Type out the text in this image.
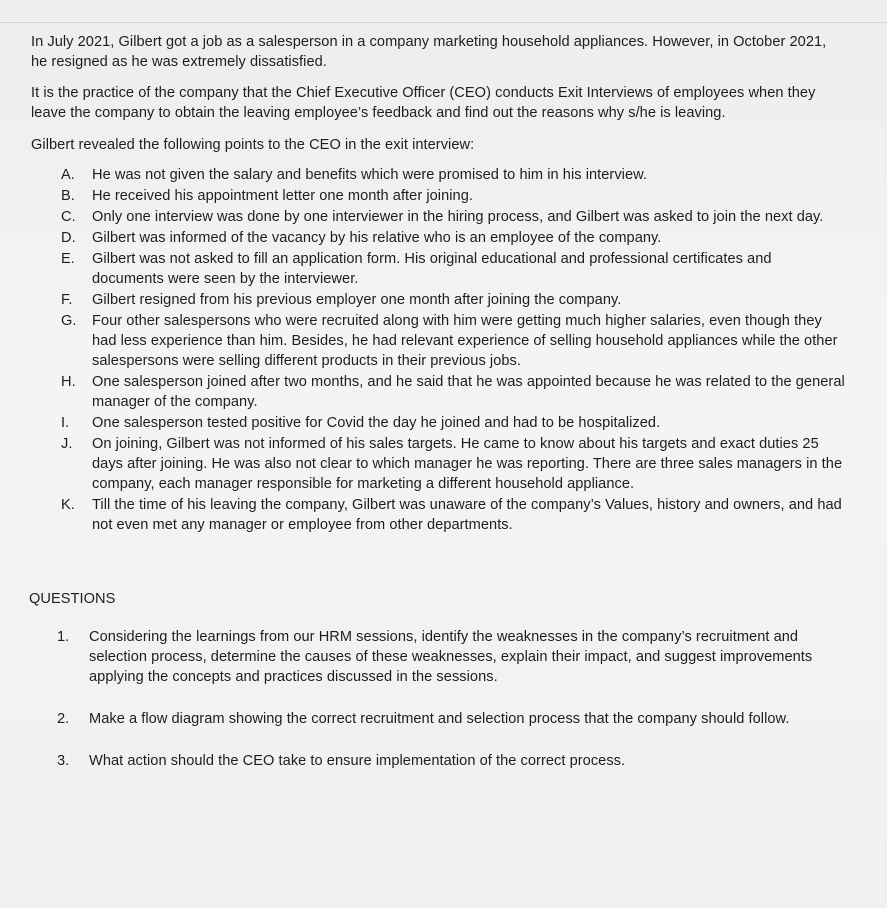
In July 2021, Gilbert got a job as a salesperson in a company marketing household appliances. However, in October 2021, he resigned as he was extremely dissatisfied.

It is the practice of the company that the Chief Executive Officer (CEO) conducts Exit Interviews of employees when they leave the company to obtain the leaving employee’s feedback and find out the reasons why s/he is leaving.

Gilbert revealed the following points to the CEO in the exit interview:

A.	He was not given the salary and benefits which were promised to him in his interview.
B.	He received his appointment letter one month after joining.
C.	Only one interview was done by one interviewer in the hiring process, and Gilbert was asked to join the next day.
D.	Gilbert was informed of the vacancy by his relative who is an employee of the company.
E.	Gilbert was not asked to fill an application form. His original educational and professional certificates and documents were seen by the interviewer.
F.	Gilbert resigned from his previous employer one month after joining the company.
G.	Four other salespersons who were recruited along with him were getting much higher salaries, even though they had less experience than him. Besides, he had relevant experience of selling household appliances while the other salespersons were selling different products in their previous jobs.
H.	One salesperson joined after two months, and he said that he was appointed because he was related to the general manager of the company.
I.	One salesperson tested positive for Covid the day he joined and had to be hospitalized.
J.	On joining, Gilbert was not informed of his sales targets. He came to know about his targets and exact duties 25 days after joining. He was also not clear to which manager he was reporting. There are three sales managers in the company, each manager responsible for marketing a different household appliance.
K.	Till the time of his leaving the company, Gilbert was unaware of the company’s Values, history and owners, and had not even met any manager or employee from other departments.
QUESTIONS
1.	Considering the learnings from our HRM sessions, identify the weaknesses in the company’s recruitment and selection process, determine the causes of these weaknesses, explain their impact, and suggest improvements applying the concepts and practices discussed in the sessions.
2.	Make a flow diagram showing the correct recruitment and selection process that the company should follow.
3.	What action should the CEO take to ensure implementation of the correct process.
